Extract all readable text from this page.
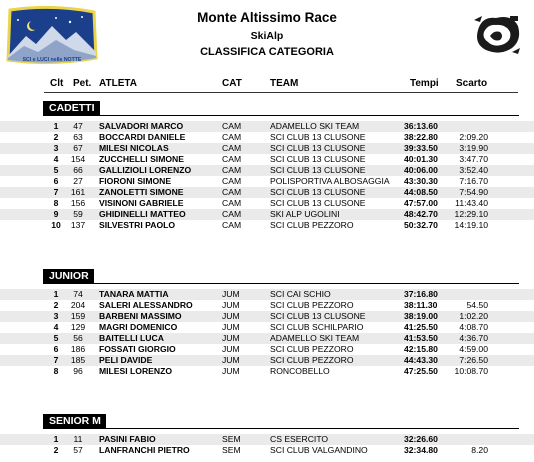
SCI e LUCI nelle NOTTE
Monte Altissimo Race
SkiAlp
CLASSIFICA CATEGORIA
Clt Pet. ATLETA	CAT	TEAM	Tempi Scarto
CADETTI
1	47	SALVADORI MARCO	CAM	ADAMELLO SKI TEAM	36:13.60
2	63	BOCCARDI DANIELE	CAM	SCI CLUB 13 CLUSONE	38:22.80	2:09.20
3	67	MILESI NICOLAS	CAM	SCI CLUB 13 CLUSONE	39:33.50	3:19.90
4	154	ZUCCHELLI SIMONE	CAM	SCI CLUB 13 CLUSONE	40:01.30	3:47.70
5	66	GALLIZIOLI LORENZO	CAM	SCI CLUB 13 CLUSONE	40:06.00	3:52.40
6	27	FIORONI SIMONE	CAM	POLISPORTIVA ALBOSAGGIA 43:30.30	7:16.70
7	161	ZANOLETTI SIMONE	CAM	SCI CLUB 13 CLUSONE	44:08.50	7:54.90
8	156	VISINONI GABRIELE	CAM	SCI CLUB 13 CLUSONE	47:57.00	11:43.40
9	59	GHIDINELLI MATTEO	CAM	SKI ALP UGOLINI	48:42.70	12:29.10
10	137	SILVESTRI PAOLO	CAM	SCI CLUB PEZZORO	50:32.70	14:19.10
JUNIOR
1	74	TANARA MATTIA	JUM	SCI CAI SCHIO	37:16.80
2	204	SALERI ALESSANDRO	JUM	SCI CLUB PEZZORO	38:11.30	54.50
3	159	BARBENI MASSIMO	JUM	SCI CLUB 13 CLUSONE	38:19.00	1:02.20
4	129	MAGRI DOMENICO	JUM	SCI CLUB SCHILPARIO	41:25.50	4:08.70
5	56	BAITELLI LUCA	JUM	ADAMELLO SKI TEAM	41:53.50	4:36.70
6	186	FOSSATI GIORGIO	JUM	SCI CLUB PEZZORO	42:15.80	4:59.00
7	185	PELI DAVIDE	JUM	SCI CLUB PEZZORO	44:43.30	7:26.50
8	96	MILESI LORENZO	JUM	RONCOBELLO	47:25.50	10:08.70
SENIOR M
1	11	PASINI FABIO	SEM	CS ESERCITO	32:26.60
2	57	LANFRANCHI PIETRO	SEM	SCI CLUB VALGANDINO	32:34.80	8.20
